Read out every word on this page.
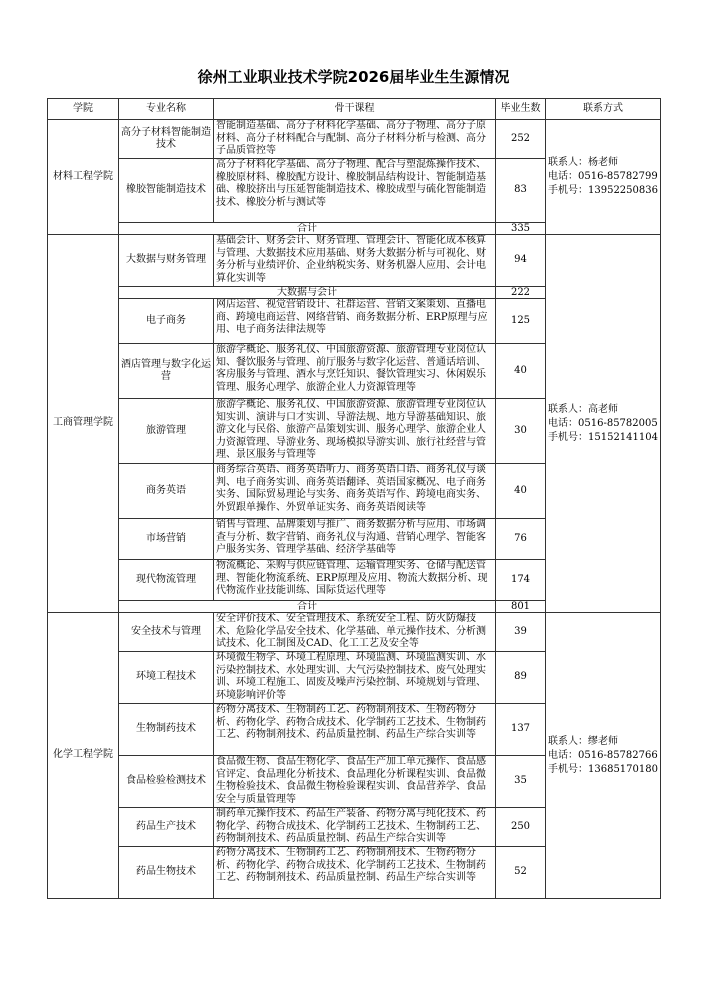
徐州工业职业技术学院2026届毕业生生源情况
学院	专业名称	骨干课程	毕业生数	联系方式
材料工程学院	高分子材料智能制造技术	智能制造基础、高分子材料化学基础、高分子物理、高分子原材料、高分子材料配合与配制、高分子材料分析与检测、高分子品质管控等	252	联系人：杨老师
电话：0516-85782799
手机号：13952250836
	橡胶智能制造技术	高分子材料化学基础、高分子物理、配合与塑混炼操作技术、橡胶原材料、橡胶配方设计、橡胶制品结构设计、智能制造基础、橡胶挤出与压延智能制造技术、橡胶成型与硫化智能制造技术、橡胶分析与测试等	83	
	合计		335	
工商管理学院	大数据与财务管理	基础会计、财务会计、财务管理、管理会计、智能化成本核算与管理、大数据技术应用基础、财务大数据分析与可视化、财务分析与业绩评价、企业纳税实务、财务机器人应用、会计电算化实训等	94	联系人：高老师
电话：0516-85782005
手机号：15152141104
	大数据与会计		222	
	电子商务	网店运营、视觉营销设计、社群运营、营销文案策划、直播电商、跨境电商运营、网络营销、商务数据分析、ERP原理与应用、电子商务法律法规等	125	
	酒店管理与数字化运营	旅游学概论、服务礼仪、中国旅游资源、旅游管理专业岗位认知、餐饮服务与管理、前厅服务与数字化运营、普通话培训、客房服务与管理、酒水与烹饪知识、餐饮管理实习、休闲娱乐管理、服务心理学、旅游企业人力资源管理等	40	
	旅游管理	旅游学概论、服务礼仪、中国旅游资源、旅游管理专业岗位认知实训、演讲与口才实训、导游法规、地方导游基础知识、旅游文化与民俗、旅游产品策划实训、服务心理学、旅游企业人力资源管理、导游业务、现场模拟导游实训、旅行社经营与管理、景区服务与管理等	30	
	商务英语	商务综合英语、商务英语听力、商务英语口语、商务礼仪与谈判、电子商务实训、商务英语翻译、英语国家概况、电子商务实务、国际贸易理论与实务、商务英语写作、跨境电商实务、外贸跟单操作、外贸单证实务、商务英语阅读等	40	
	市场营销	销售与管理、品牌策划与推广、商务数据分析与应用、市场调查与分析、数字营销、商务礼仪与沟通、营销心理学、智能客户服务实务、管理学基础、经济学基础等	76	
	现代物流管理	物流概论、采购与供应链管理、运输管理实务、仓储与配送管理、智能化物流系统、ERP原理及应用、物流大数据分析、现代物流作业技能训练、国际货运代理等	174	
	合计		801	
化学工程学院	安全技术与管理	安全评价技术、安全管理技术、系统安全工程、防火防爆技术、危险化学品安全技术、化学基础、单元操作技术、分析测试技术、化工制图及CAD、化工工艺及安全等	39	联系人：缪老师
电话：0516-85782766
手机号：13685170180
	环境工程技术	环境微生物学、环境工程原理、环境监测、环境监测实训、水污染控制技术、水处理实训、大气污染控制技术、废气处理实训、环境工程施工、固废及噪声污染控制、环境规划与管理、环境影响评价等	89	
	生物制药技术	药物分离技术、生物制药工艺、药物制剂技术、生物药物分析、药物化学、药物合成技术、化学制药工艺技术、生物制药工艺、药物制剂技术、药品质量控制、药品生产综合实训等	137	
	食品检验检测技术	食品微生物、食品生物化学、食品生产加工单元操作、食品感官评定、食品理化分析技术、食品理化分析课程实训、食品微生物检验技术、食品微生物检验课程实训、食品营养学、食品安全与质量管理等	35	
	药品生产技术	制药单元操作技术、药品生产装备、药物分离与纯化技术、药物化学、药物合成技术、化学制药工艺技术、生物制药工艺、药物制剂技术、药品质量控制、药品生产综合实训等	250	
	药品生物技术	药物分离技术、生物制药工艺、药物制剂技术、生物药物分析、药物化学、药物合成技术、化学制药工艺技术、生物制药工艺、药物制剂技术、药品质量控制、药品生产综合实训等	52	
